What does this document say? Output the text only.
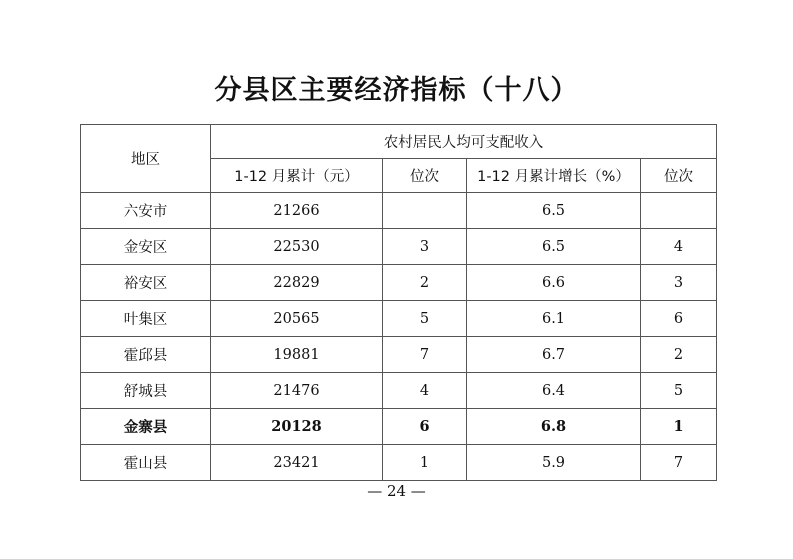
分县区主要经济指标（十八）
地区	农村居民人均可支配收入			
	1-12 月累计（元）	位次	1-12 月累计增长（%）	位次
六安市	21266		6.5	
金安区	22530	3	6.5	4
裕安区	22829	2	6.6	3
叶集区	20565	5	6.1	6
霍邱县	19881	7	6.7	2
舒城县	21476	4	6.4	5
金寨县	20128	6	6.8	1
霍山县	23421	1	5.9	7
— 24 —
